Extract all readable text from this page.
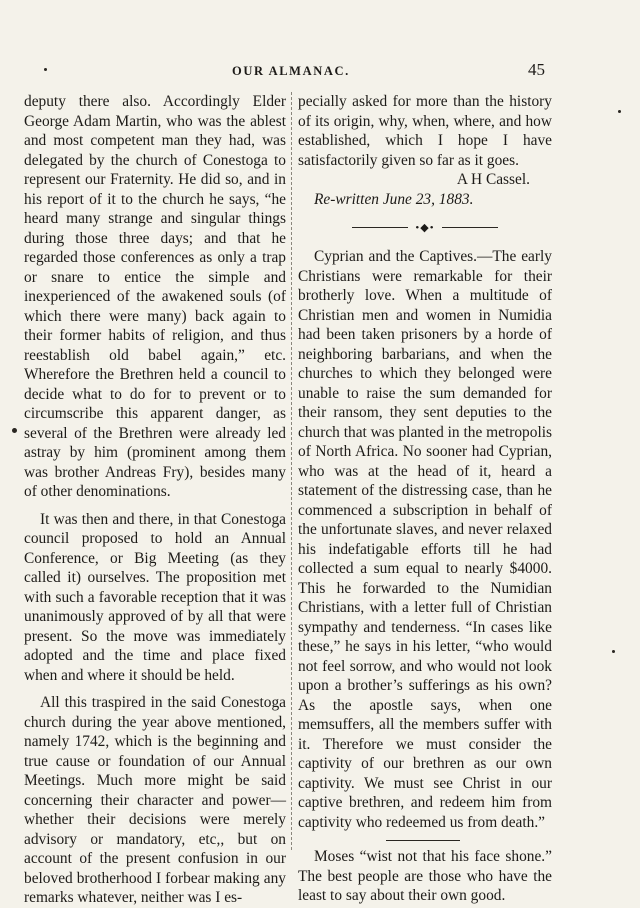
OUR ALMANAC.	45

deputy there also. Accordingly Elder George Adam Martin, who was the ablest and most competent man they had, was delegated by the church of Conestoga to represent our Fraternity. He did so, and in his report of it to the church he says, “he heard many strange and singular things during those three days; and that he regarded those conferences as only a trap or snare to entice the simple and inexperienced of the awakened souls (of which there were many) back again to their former habits of religion, and thus reestablish old babel again,” etc. Wherefore the Brethren held a council to decide what to do for to prevent or to circumscribe this apparent danger, as several of the Brethren were already led astray by him (prominent among them was brother Andreas Fry), besides many of other denominations.

It was then and there, in that Conestoga council proposed to hold an Annual Conference, or Big Meeting (as they called it) ourselves. The proposition met with such a favorable reception that it was unanimously approved of by all that were present. So the move was immediately adopted and the time and place fixed when and where it should be held.

All this traspired in the said Conestoga church during the year above mentioned, namely 1742, which is the beginning and true cause or foundation of our Annual Meetings. Much more might be said concerning their character and power—whether their decisions were merely advisory or mandatory, etc,, but on account of the present confusion in our beloved brotherhood I forbear making any remarks whatever, neither was I es-

pecially asked for more than the history of its origin, why, when, where, and how established, which I hope I have satisfactorily given so far as it goes.

A H Cassel.

Re-written June 23, 1883.

•◆•

Cyprian and the Captives.—The early Christians were remarkable for their brotherly love. When a multitude of Christian men and women in Numidia had been taken prisoners by a horde of neighboring barbarians, and when the churches to which they belonged were unable to raise the sum demanded for their ransom, they sent deputies to the church that was planted in the metropolis of North Africa. No sooner had Cyprian, who was at the head of it, heard a statement of the distressing case, than he commenced a subscription in behalf of the unfortunate slaves, and never relaxed his indefatigable efforts till he had collected a sum equal to nearly $4000. This he forwarded to the Numidian Christians, with a letter full of Christian sympathy and tenderness. “In cases like these,” he says in his letter, “who would not feel sorrow, and who would not look upon a brother’s sufferings as his own? As the apostle says, when one memsuffers, all the members suffer with it. Therefore we must consider the captivity of our brethren as our own captivity. We must see Christ in our captive brethren, and redeem him from captivity who redeemed us from death.”

Moses “wist not that his face shone.” The best people are those who have the least to say about their own good.
